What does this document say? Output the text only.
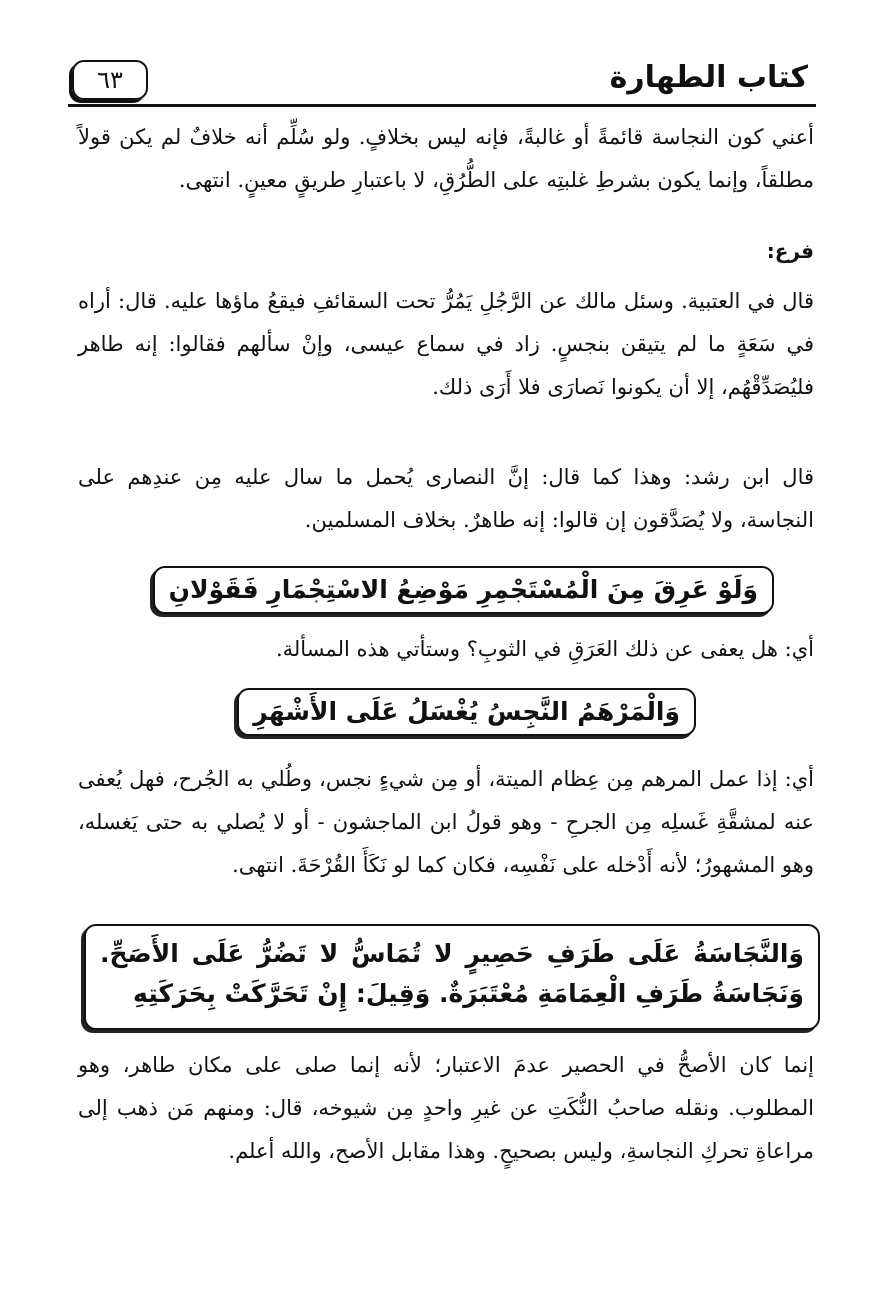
كتاب الطهارة
٦٣
أعني كون النجاسة قائمةً أو غالبةً، فإنه ليس بخلافٍ. ولو سُلِّم أنه خلافٌ لم يكن قولاً مطلقاً، وإنما يكون بشرطِ غلبتِه على الطُّرُقِ، لا باعتبارِ طريقٍ معينٍ. انتهى.
فرع:
قال في العتبية. وسئل مالك عن الرَّجُلِ يَمُرُّ تحت السقائفِ فيقعُ ماؤها عليه. قال: أراه في سَعَةٍ ما لم يتيقن بنجسٍ. زاد في سماع عيسى، وإنْ سألهم فقالوا: إنه طاهر فليُصَدِّقْهُم، إلا أن يكونوا نَصارَى فلا أَرَى ذلك.
قال ابن رشد: وهذا كما قال: إنَّ النصارى يُحمل ما سال عليه مِن عندِهم على النجاسة، ولا يُصَدَّقون إن قالوا: إنه طاهرٌ. بخلاف المسلمين.
وَلَوْ عَرِقَ مِنَ الْمُسْتَجْمِرِ مَوْضِعُ الاسْتِجْمَارِ فَقَوْلانِ
أي: هل يعفى عن ذلك العَرَقِ في الثوبِ؟ وستأتي هذه المسألة.
وَالْمَرْهَمُ النَّجِسُ يُغْسَلُ عَلَى الأَشْهَرِ
أي: إذا عمل المرهم مِن عِظام الميتة، أو مِن شيءٍ نجس، وطُلي به الجُرح، فهل يُعفى عنه لمشقَّةِ غَسلِه مِن الجرحِ - وهو قولُ ابن الماجشون - أو لا يُصلي به حتى يَغسله، وهو المشهورُ؛ لأنه أَدْخله على نَفْسِه، فكان كما لو نَكَأَ القُرْحَةَ. انتهى.
وَالنَّجَاسَةُ عَلَى طَرَفِ حَصِيرٍ لا تُمَاسُّ لا تَضُرُّ عَلَى الأَصَحِّ. وَنَجَاسَةُ طَرَفِ الْعِمَامَةِ مُعْتَبَرَةٌ. وَقِيلَ: إِنْ تَحَرَّكَتْ بِحَرَكَتِهِ
إنما كان الأصحُّ في الحصير عدمَ الاعتبار؛ لأنه إنما صلى على مكان طاهر، وهو المطلوب. ونقله صاحبُ النُّكَتِ عن غيرِ واحدٍ مِن شيوخه، قال: ومنهم مَن ذهب إلى مراعاةِ تحركِ النجاسةِ، وليس بصحيحٍ. وهذا مقابل الأصح، والله أعلم.
